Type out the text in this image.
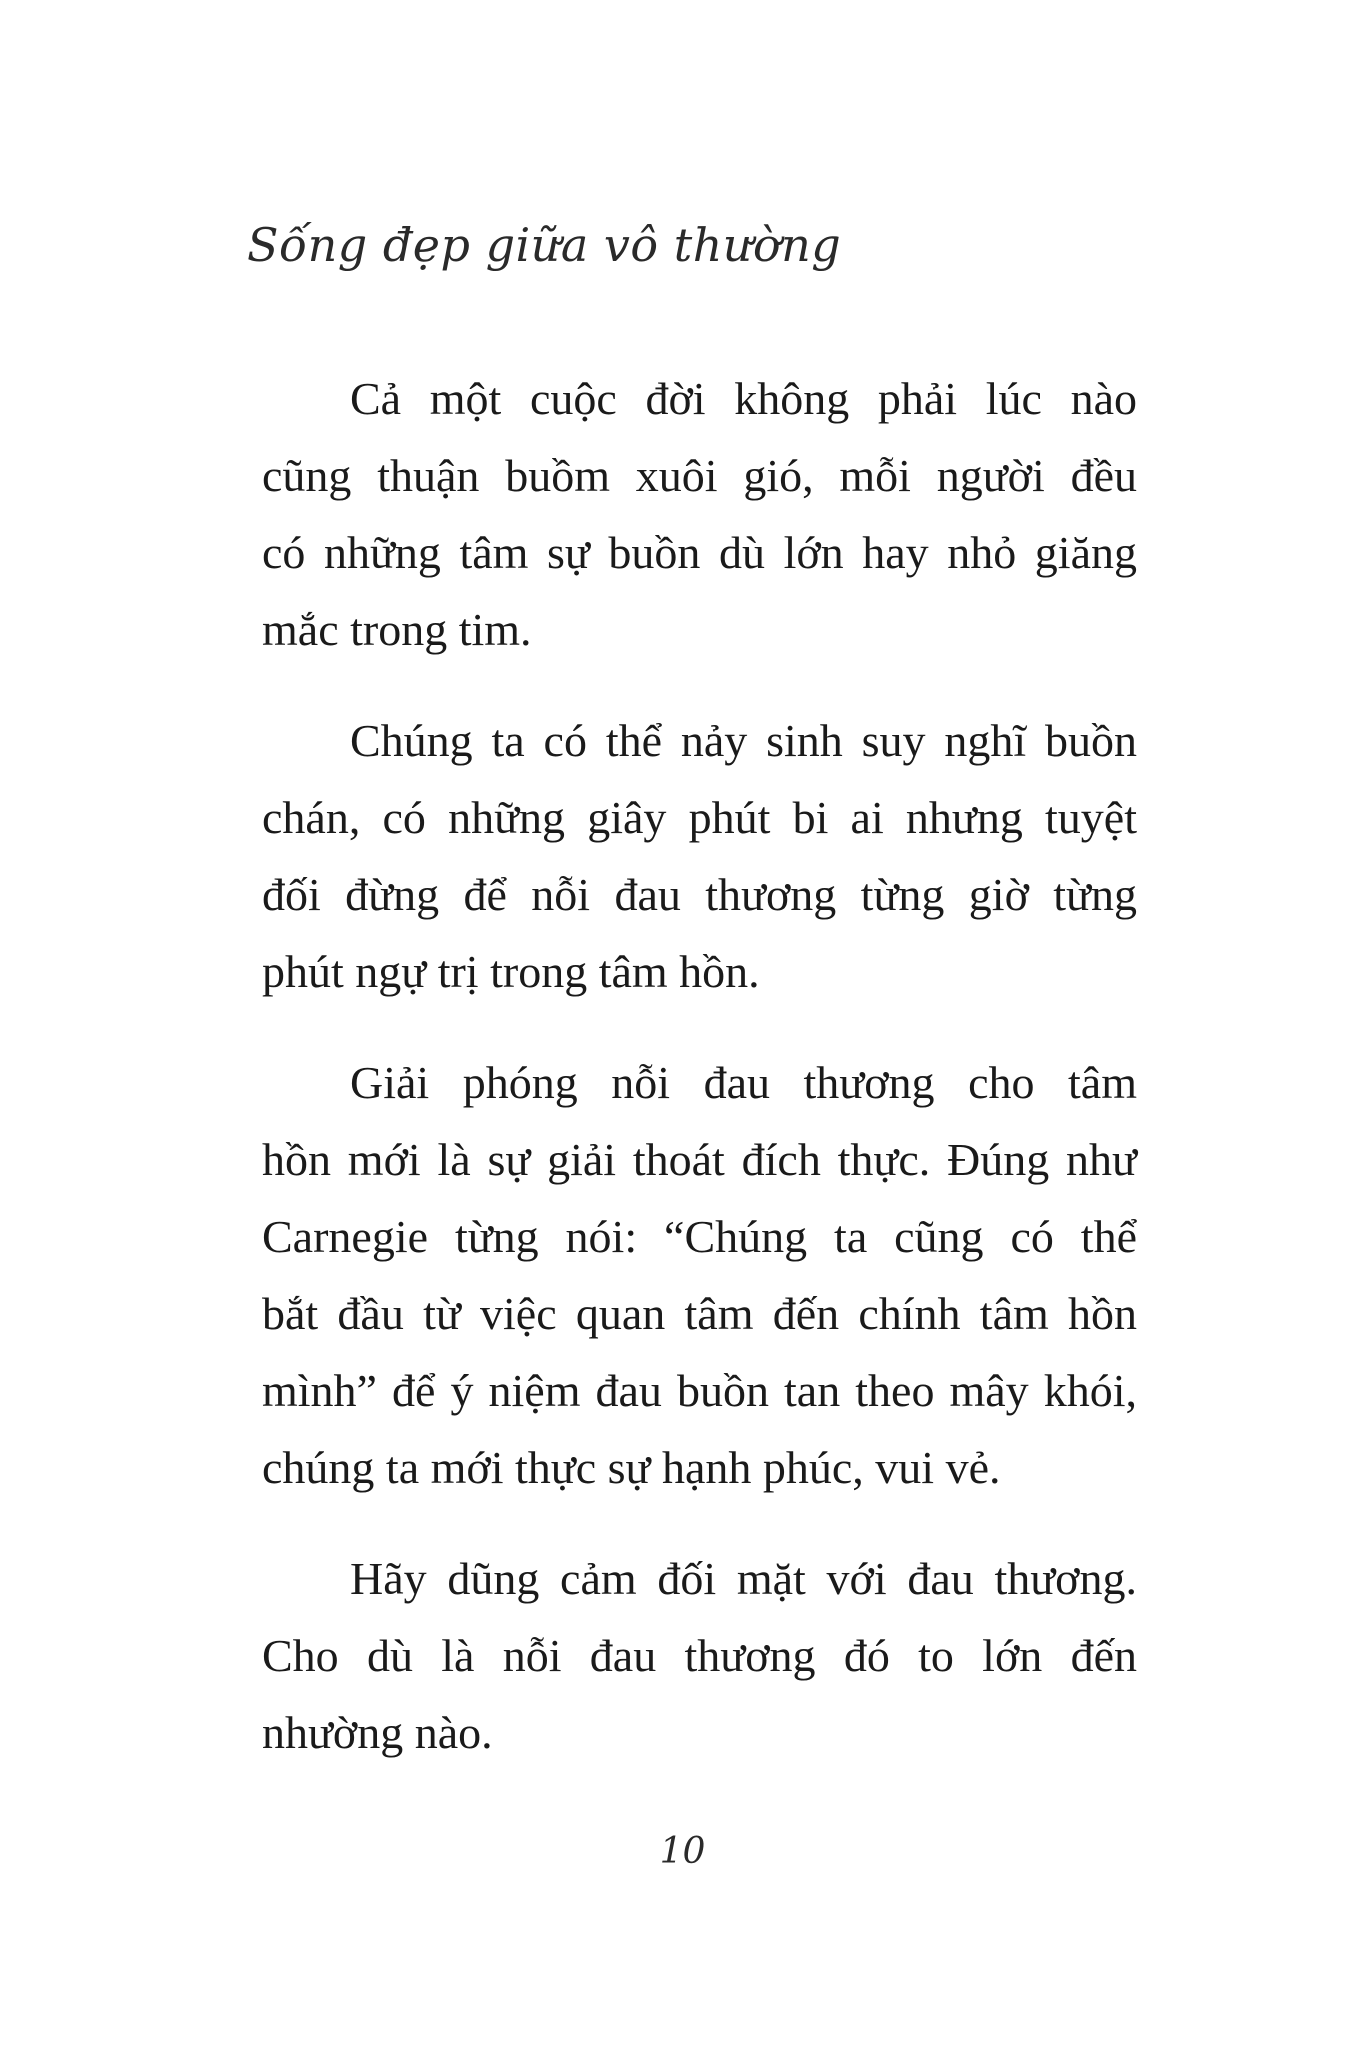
Sống đẹp giữa vô thường

Cả một cuộc đời không phải lúc nào
cũng thuận buồm xuôi gió, mỗi người đều
có những tâm sự buồn dù lớn hay nhỏ giăng
mắc trong tim.

Chúng ta có thể nảy sinh suy nghĩ buồn
chán, có những giây phút bi ai nhưng tuyệt
đối đừng để nỗi đau thương từng giờ từng
phút ngự trị trong tâm hồn.

Giải phóng nỗi đau thương cho tâm
hồn mới là sự giải thoát đích thực. Đúng như
Carnegie từng nói: “Chúng ta cũng có thể
bắt đầu từ việc quan tâm đến chính tâm hồn
mình” để ý niệm đau buồn tan theo mây khói,
chúng ta mới thực sự hạnh phúc, vui vẻ.

Hãy dũng cảm đối mặt với đau thương.
Cho dù là nỗi đau thương đó to lớn đến
nhường nào.

10
